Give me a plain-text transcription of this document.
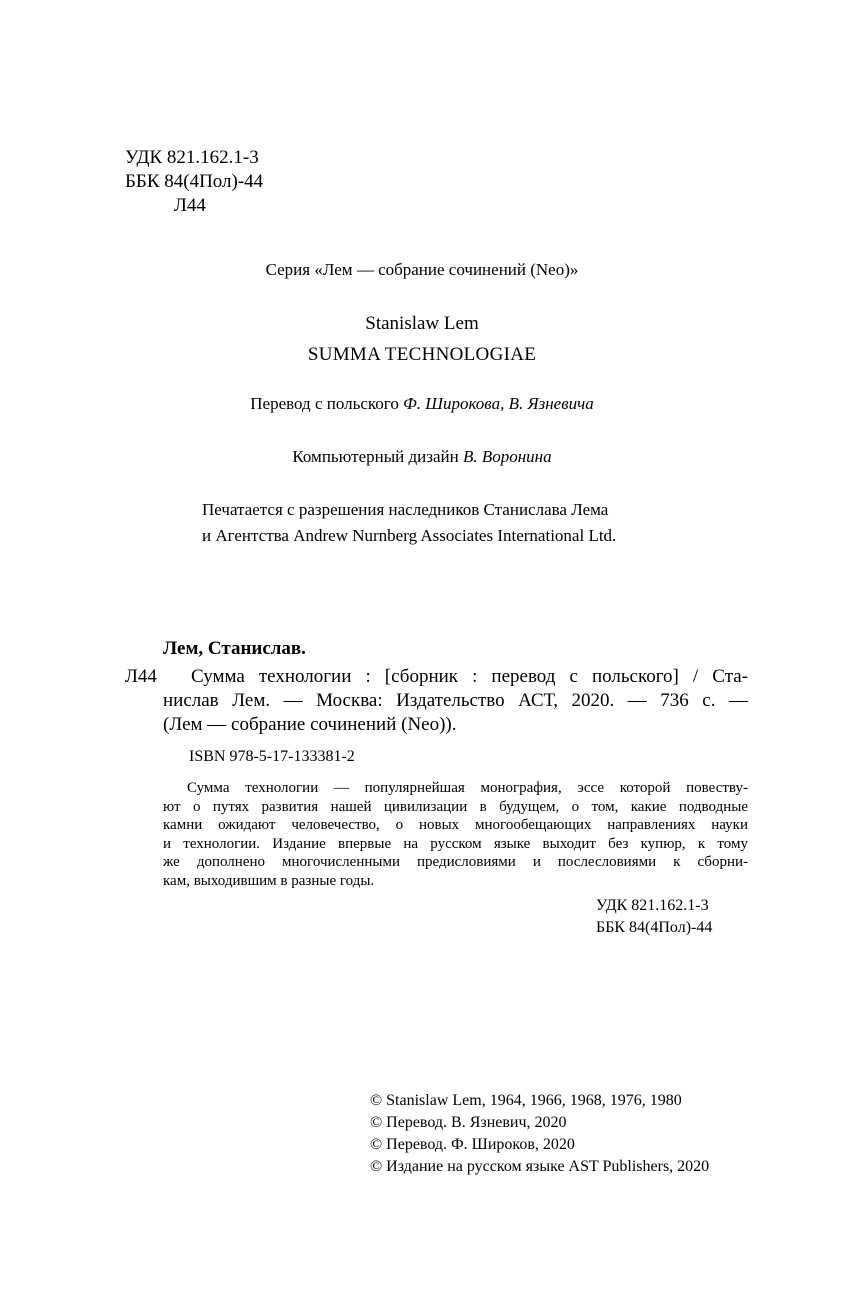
УДК 821.162.1-3
ББК 84(4Пол)-44
Л44
Серия «Лем — собрание сочинений (Neo)»
Stanislaw Lem
SUMMA TECHNOLOGIAE
Перевод с польского Ф. Широкова, В. Язневича
Компьютерный дизайн В. Воронина
Печатается с разрешения наследников Станислава Лема
и Агентства Andrew Nurnberg Associates International Ltd.
Лем, Станислав.
Л44 Сумма технологии : [сборник : перевод с польского] / Ста-
нислав Лем. — Москва: Издательство АСТ, 2020. — 736 с. —
(Лем — собрание сочинений (Neo)).
ISBN 978-5-17-133381-2
Сумма технологии — популярнейшая монография, эссе которой повеству-
ют о путях развития нашей цивилизации в будущем, о том, какие подводные
камни ожидают человечество, о новых многообещающих направлениях науки
и технологии. Издание впервые на русском языке выходит без купюр, к тому
же дополнено многочисленными предисловиями и послесловиями к сборни-
кам, выходившим в разные годы.
УДК 821.162.1-3
ББК 84(4Пол)-44
© Stanislaw Lem, 1964, 1966, 1968, 1976, 1980
© Перевод. В. Язневич, 2020
© Перевод. Ф. Широков, 2020
© Издание на русском языке AST Publishers, 2020
